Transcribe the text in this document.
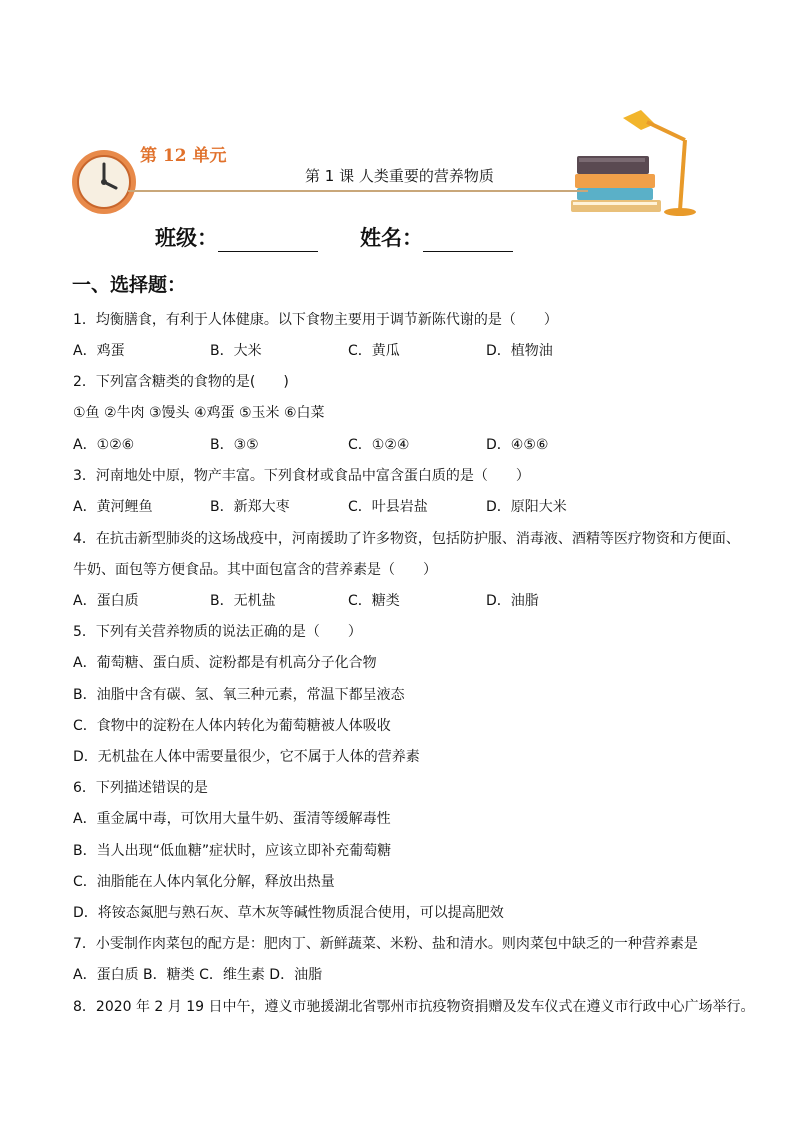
第 12 单元
第 1 课 人类重要的营养物质
班级：	姓名：
一、选择题：
1．均衡膳食，有利于人体健康。以下食物主要用于调节新陈代谢的是（　　）
A．鸡蛋	B．大米	C．黄瓜	D．植物油
2．下列富含糖类的食物的是(　　)
①鱼 ②牛肉 ③馒头 ④鸡蛋 ⑤玉米 ⑥白菜
A．①②⑥	B．③⑤	C．①②④	D．④⑤⑥
3．河南地处中原，物产丰富。下列食材或食品中富含蛋白质的是（　　）
A．黄河鲤鱼	B．新郑大枣	C．叶县岩盐	D．原阳大米
4．在抗击新型肺炎的这场战疫中，河南援助了许多物资，包括防护服、消毒液、酒精等医疗物资和方便面、
牛奶、面包等方便食品。其中面包富含的营养素是（　　）
A．蛋白质	B．无机盐	C．糖类	D．油脂
5．下列有关营养物质的说法正确的是（　　）
A．葡萄糖、蛋白质、淀粉都是有机高分子化合物
B．油脂中含有碳、氢、氧三种元素，常温下都呈液态
C．食物中的淀粉在人体内转化为葡萄糖被人体吸收
D．无机盐在人体中需要量很少，它不属于人体的营养素
6．下列描述错误的是
A．重金属中毒，可饮用大量牛奶、蛋清等缓解毒性
B．当人出现“低血糖”症状时，应该立即补充葡萄糖
C．油脂能在人体内氧化分解，释放出热量
D．将铵态氮肥与熟石灰、草木灰等碱性物质混合使用，可以提高肥效
7．小雯制作肉菜包的配方是：肥肉丁、新鲜蔬菜、米粉、盐和清水。则肉菜包中缺乏的一种营养素是
A．蛋白质 B．糖类 C．维生素 D．油脂
8．2020 年 2 月 19 日中午，遵义市驰援湖北省鄂州市抗疫物资捐赠及发车仪式在遵义市行政中心广场举行。
